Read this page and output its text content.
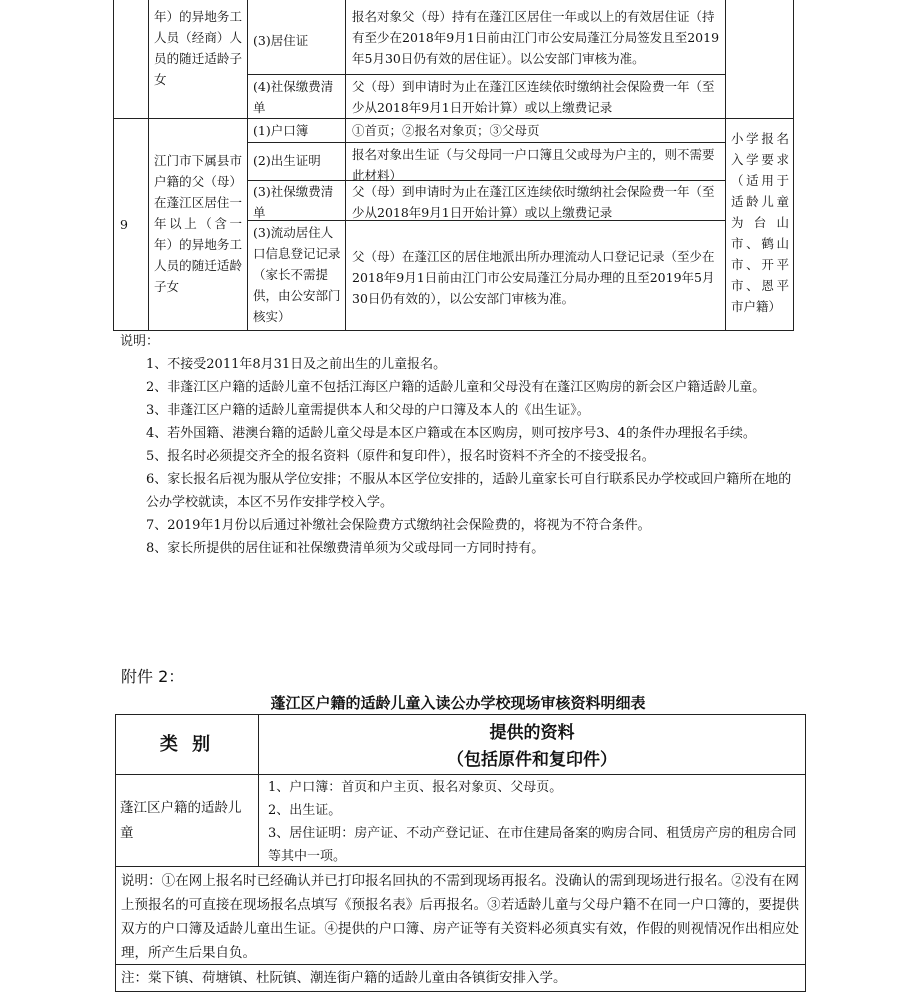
年）的异地务工人员（经商）人员的随迁适龄子女
(3)居住证
报名对象父（母）持有在蓬江区居住一年或以上的有效居住证（持有至少在2018年9月1日前由江门市公安局蓬江分局签发且至2019年5月30日仍有效的居住证）。以公安部门审核为准。
(4)社保缴费清单
父（母）到申请时为止在蓬江区连续依时缴纳社会保险费一年（至少从2018年9月1日开始计算）或以上缴费记录
9
江门市下属县市户籍的父（母）在蓬江区居住一年以上（含一年）的异地务工人员的随迁适龄子女
(1)户口簿	①首页；②报名对象页；③父母页
(2)出生证明	报名对象出生证（与父母同一户口簿且父或母为户主的，则不需要此材料）
(3)社保缴费清单
父（母）到申请时为止在蓬江区连续依时缴纳社会保险费一年（至少从2018年9月1日开始计算）或以上缴费记录
(3)流动居住人口信息登记记录（家长不需提供，由公安部门核实）
父（母）在蓬江区的居住地派出所办理流动人口登记记录（至少在2018年9月1日前由江门市公安局蓬江分局办理的且至2019年5月30日仍有效的），以公安部门审核为准。
小学报名入学要求（适用于适龄儿童为台山市、鹤山市、开平市、恩平市户籍）

说明：

1、不接受2011年8月31日及之前出生的儿童报名。

2、非蓬江区户籍的适龄儿童不包括江海区户籍的适龄儿童和父母没有在蓬江区购房的新会区户籍适龄儿童。

3、非蓬江区户籍的适龄儿童需提供本人和父母的户口簿及本人的《出生证》。

4、若外国籍、港澳台籍的适龄儿童父母是本区户籍或在本区购房，则可按序号3、4的条件办理报名手续。

5、报名时必须提交齐全的报名资料（原件和复印件），报名时资料不齐全的不接受报名。

6、家长报名后视为服从学位安排；不服从本区学位安排的，适龄儿童家长可自行联系民办学校或回户籍所在地的公办学校就读，本区不另作安排学校入学。

7、2019年1月份以后通过补缴社会保险费方式缴纳社会保险费的，将视为不符合条件。

8、家长所提供的居住证和社保缴费清单须为父或母同一方同时持有。

附件 2：
蓬江区户籍的适龄儿童入读公办学校现场审核资料明细表
类 别
提供的资料
（包括原件和复印件）
蓬江区户籍的适龄儿童
1、户口簿：首页和户主页、报名对象页、父母页。
2、出生证。
3、居住证明：房产证、不动产登记证、在市住建局备案的购房合同、租赁房产房的租房合同等其中一项。
说明：①在网上报名时已经确认并已打印报名回执的不需到现场再报名。没确认的需到现场进行报名。②没有在网上预报名的可直接在现场报名点填写《预报名表》后再报名。③若适龄儿童与父母户籍不在同一户口簿的，要提供双方的户口簿及适龄儿童出生证。④提供的户口簿、房产证等有关资料必须真实有效，作假的则视情况作出相应处理，所产生后果自负。
注：棠下镇、荷塘镇、杜阮镇、潮连街户籍的适龄儿童由各镇街安排入学。
